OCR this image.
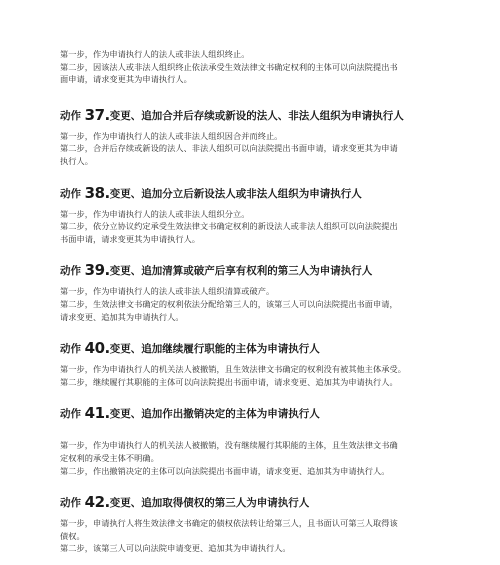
第一步，作为申请执行人的法人或非法人组织终止。

第二步，因该法人或非法人组织终止依法承受生效法律文书确定权利的主体可以向法院提出书

面申请，请求变更其为申请执行人。

动作 37.变更、追加合并后存续或新设的法人、非法人组织为申请执行人

第一步，作为申请执行人的法人或非法人组织因合并而终止。

第二步，合并后存续或新设的法人、非法人组织可以向法院提出书面申请，请求变更其为申请

执行人。

动作 38.变更、追加分立后新设法人或非法人组织为申请执行人

第一步，作为申请执行人的法人或非法人组织分立。

第二步，依分立协议约定承受生效法律文书确定权利的新设法人或非法人组织可以向法院提出

书面申请，请求变更其为申请执行人。

动作 39.变更、追加清算或破产后享有权利的第三人为申请执行人

第一步，作为申请执行人的法人或非法人组织清算或破产。

第二步，生效法律文书确定的权利依法分配给第三人的，该第三人可以向法院提出书面申请，

请求变更、追加其为申请执行人。

动作 40.变更、追加继续履行职能的主体为申请执行人

第一步，作为申请执行人的机关法人被撤销，且生效法律文书确定的权利没有被其他主体承受。

第二步，继续履行其职能的主体可以向法院提出书面申请，请求变更、追加其为申请执行人。

动作 41.变更、追加作出撤销决定的主体为申请执行人

第一步，作为申请执行人的机关法人被撤销，没有继续履行其职能的主体，且生效法律文书确

定权利的承受主体不明确。

第二步，作出撤销决定的主体可以向法院提出书面申请，请求变更、追加其为申请执行人。

动作 42.变更、追加取得债权的第三人为申请执行人

第一步，申请执行人将生效法律文书确定的债权依法转让给第三人，且书面认可第三人取得该

债权。

第二步，该第三人可以向法院申请变更、追加其为申请执行人。
